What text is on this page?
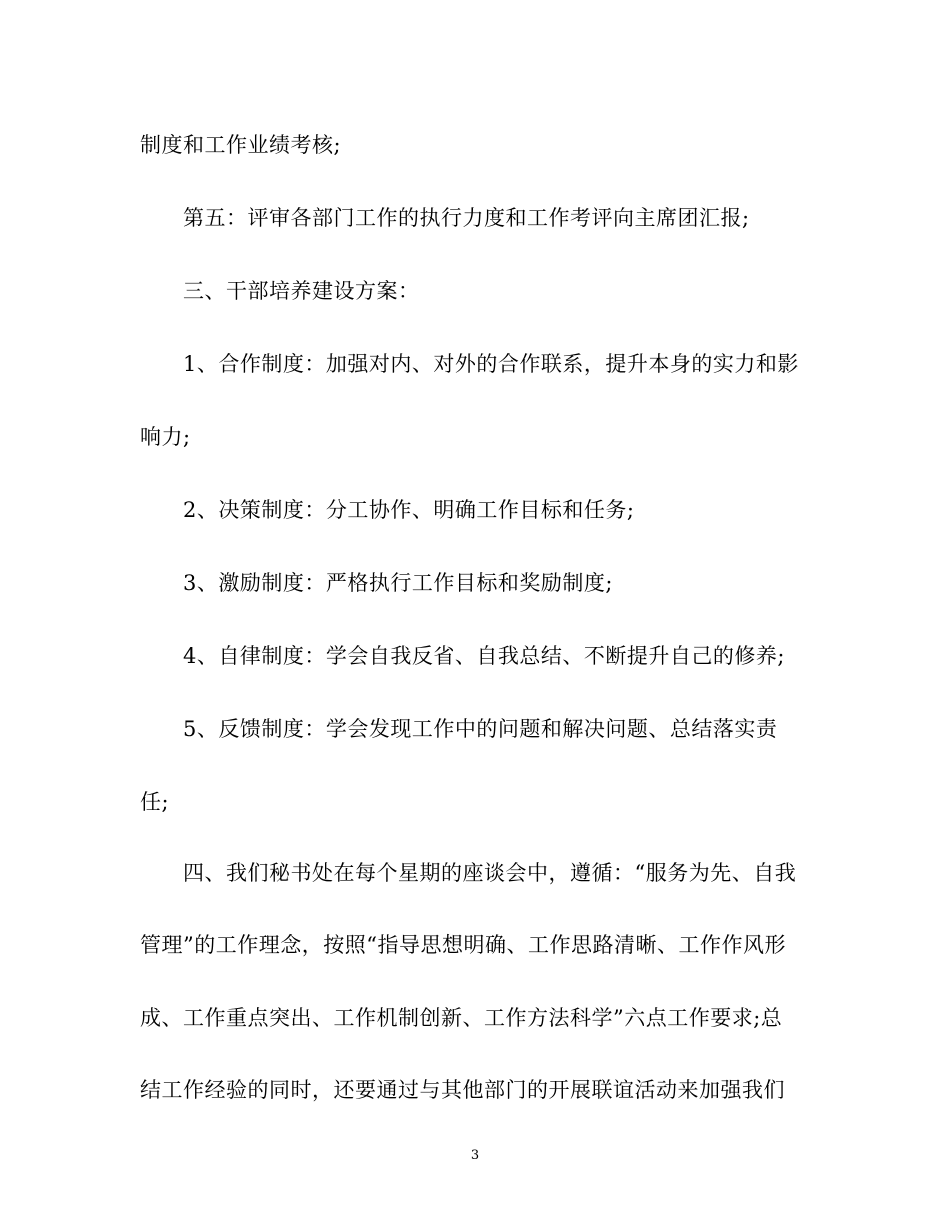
制度和工作业绩考核;
第五：评审各部门工作的执行力度和工作考评向主席团汇报;
三、干部培养建设方案：
1、合作制度：加强对内、对外的合作联系，提升本身的实力和影
响力;
2、决策制度：分工协作、明确工作目标和任务;
3、激励制度：严格执行工作目标和奖励制度;
4、自律制度：学会自我反省、自我总结、不断提升自己的修养;
5、反馈制度：学会发现工作中的问题和解决问题、总结落实责
任;
四、我们秘书处在每个星期的座谈会中，遵循：“服务为先、自我
管理”的工作理念，按照“指导思想明确、工作思路清晰、工作作风形
成、工作重点突出、工作机制创新、工作方法科学”六点工作要求;总
结工作经验的同时，还要通过与其他部门的开展联谊活动来加强我们
3
